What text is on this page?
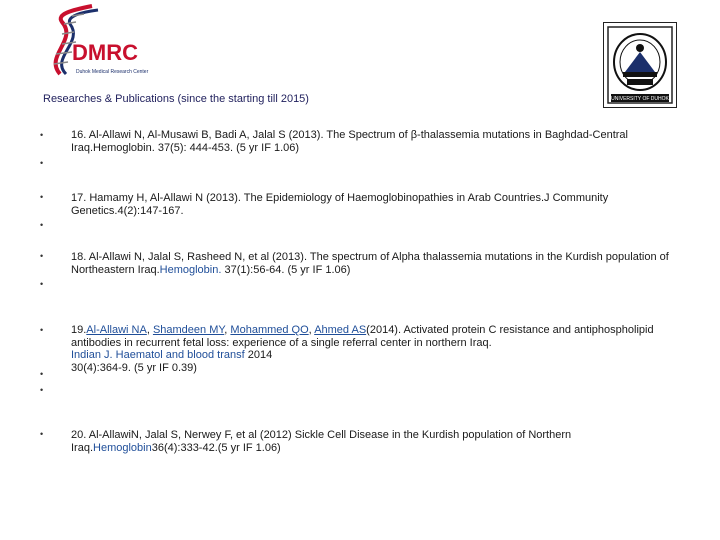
DMRC
Duhok Medical Research Center
UNIVERSITY OF DUHOK
Researches & Publications (since the starting till 2015)
•
•
•
•
•
•
•
•
•
•
16. Al-Allawi N, Al-Musawi B, Badi A, Jalal S (2013). The Spectrum of β-thalassemia mutations in Baghdad-Central Iraq.Hemoglobin. 37(5): 444-453. (5 yr IF 1.06)
17. Hamamy H, Al-Allawi N (2013). The Epidemiology of Haemoglobinopathies in Arab Countries.J Community Genetics.4(2):147-167.
18. Al-Allawi N, Jalal S, Rasheed N, et al (2013). The spectrum of Alpha thalassemia mutations in the Kurdish population of Northeastern Iraq.Hemoglobin. 37(1):56-64. (5 yr IF 1.06)
19.Al-Allawi NA, Shamdeen MY, Mohammed QO, Ahmed AS(2014). Activated protein C resistance and antiphospholipid antibodies in recurrent fetal loss: experience of a single referral center in northern Iraq.
Indian J. Haematol and blood transf 2014
30(4):364-9. (5 yr IF 0.39)
20. Al-AllawiN, Jalal S, Nerwey F, et al (2012) Sickle Cell Disease in the Kurdish population of Northern Iraq.Hemoglobin36(4):333-42.(5 yr IF 1.06)
